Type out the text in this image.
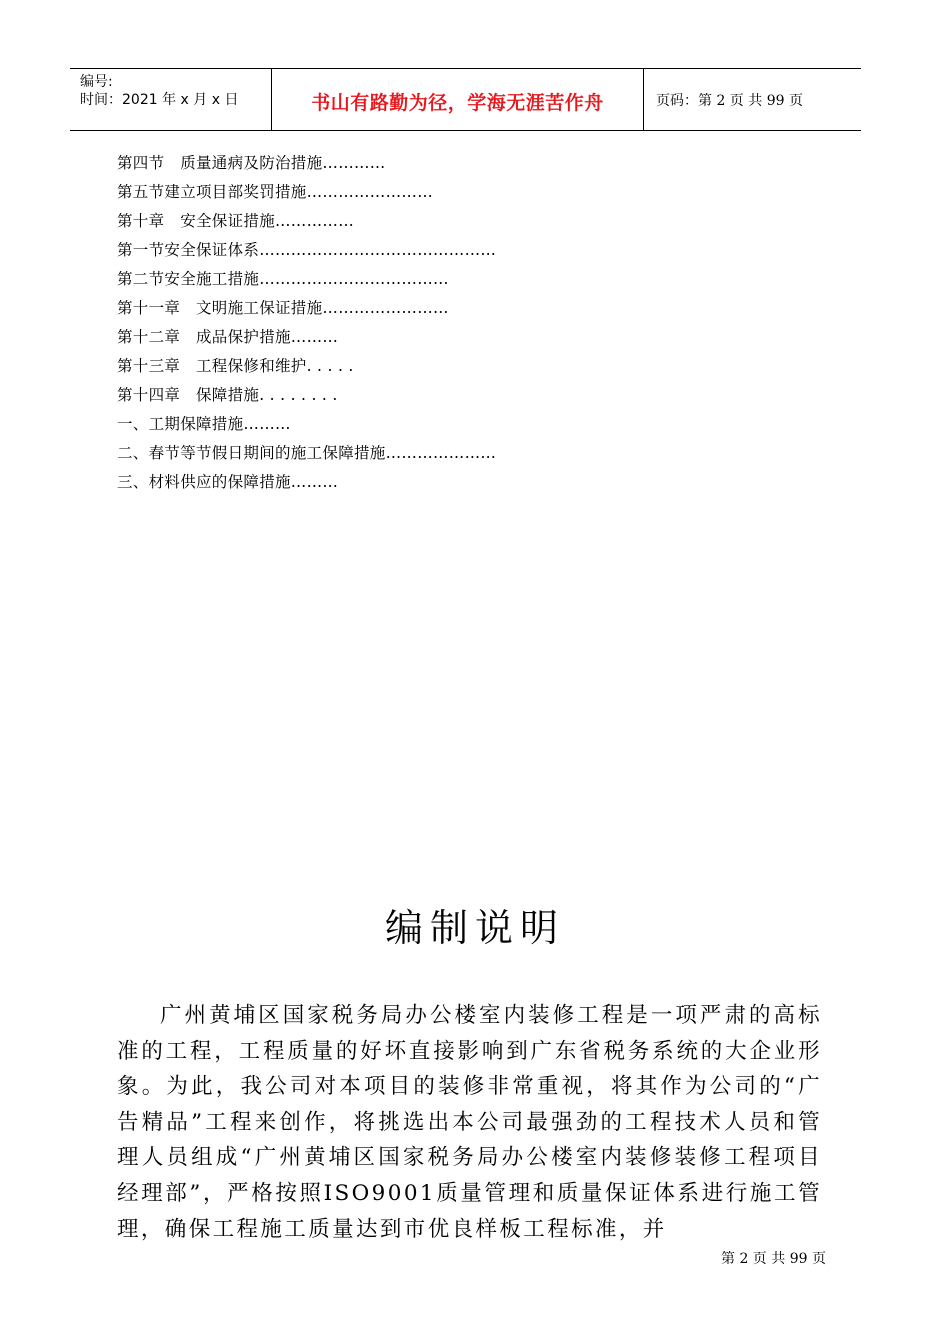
编号:
时间：2021 年 x 月 x 日	书山有路勤为径，学海无涯苦作舟	页码：第 2 页 共 99 页
第四节　质量通病及防治措施…………
第五节建立项目部奖罚措施……………………
第十章　安全保证措施……………
第一节安全保证体系………………………………………
第二节安全施工措施………………………………
第十一章　文明施工保证措施……………………
第十二章　成品保护措施………
第十三章　工程保修和维护. . . . .
第十四章　保障措施. . . . . . . .
一、工期保障措施………
二、春节等节假日期间的施工保障措施…………………
三、材料供应的保障措施………
编制说明

广州黄埔区国家税务局办公楼室内装修工程是一项严肃的高标准的工程，工程质量的好坏直接影响到广东省税务系统的大企业形象。为此，我公司对本项目的装修非常重视，将其作为公司的“广告精品”工程来创作，将挑选出本公司最强劲的工程技术人员和管理人员组成“广州黄埔区国家税务局办公楼室内装修装修工程项目经理部”，严格按照ISO9001质量管理和质量保证体系进行施工管理，确保工程施工质量达到市优良样板工程标准，并

第 2 页 共 99 页
